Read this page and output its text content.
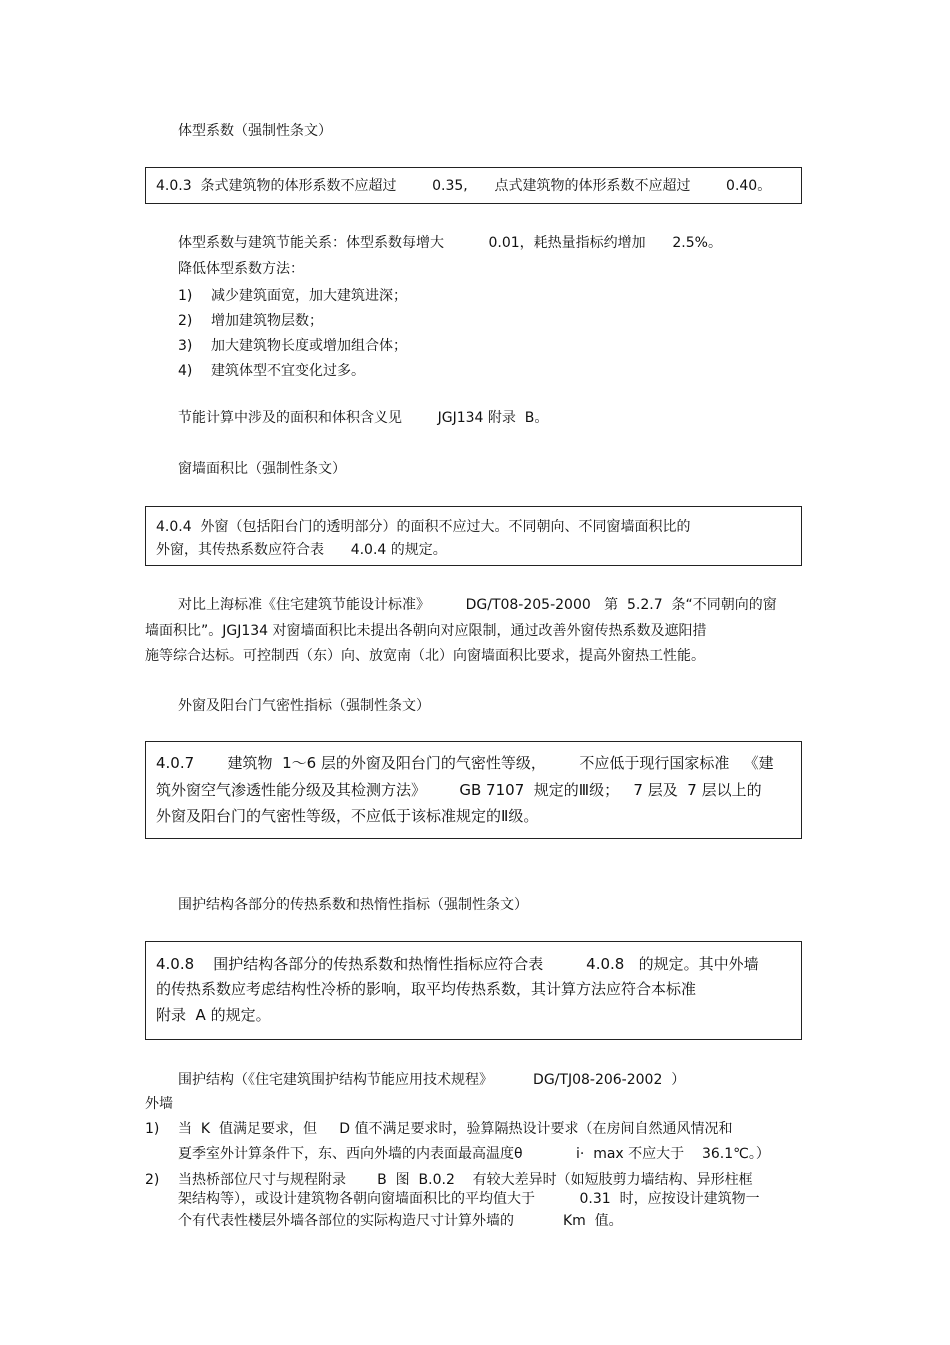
体型系数（强制性条文）
4.0.3  条式建筑物的体形系数不应超过        0.35,      点式建筑物的体形系数不应超过        0.40。
体型系数与建筑节能关系：体型系数每增大          0.01，耗热量指标约增加      2.5%。
降低体型系数方法：
1) 减少建筑面宽，加大建筑进深；
2) 增加建筑物层数；
3) 加大建筑物长度或增加组合体；
4) 建筑体型不宜变化过多。
节能计算中涉及的面积和体积含义见        JGJ134 附录  B。
窗墙面积比（强制性条文）
4.0.4  外窗（包括阳台门的透明部分）的面积不应过大。不同朝向、不同窗墙面积比的
外窗，其传热系数应符合表      4.0.4 的规定。
对比上海标准《住宅建筑节能设计标准》        DG/T08-205-2000   第  5.2.7  条“不同朝向的窗
墙面积比”。JGJ134 对窗墙面积比未提出各朝向对应限制，通过改善外窗传热系数及遮阳措
施等综合达标。可控制西（东）向、放宽南（北）向窗墙面积比要求，提高外窗热工性能。
外窗及阳台门气密性指标（强制性条文）
4.0.7       建筑物  1～6 层的外窗及阳台门的气密性等级，       不应低于现行国家标准   《建
筑外窗空气渗透性能分级及其检测方法》       GB 7107  规定的Ⅲ级；   7 层及  7 层以上的
外窗及阳台门的气密性等级，不应低于该标准规定的Ⅱ级。
围护结构各部分的传热系数和热惰性指标（强制性条文）
4.0.8    围护结构各部分的传热系数和热惰性指标应符合表         4.0.8   的规定。其中外墙
的传热系数应考虑结构性冷桥的影响，取平均传热系数，其计算方法应符合本标准
附录  A 的规定。
围护结构（《住宅建筑围护结构节能应用技术规程》         DG/TJ08-206-2002  ）
外墙
1) 当  K  值满足要求，但     D 值不满足要求时，验算隔热设计要求（在房间自然通风情况和
夏季室外计算条件下，东、西向外墙的内表面最高温度θ            i·  max 不应大于    36.1℃。）
2) 当热桥部位尺寸与规程附录       B  图  B.0.2    有较大差异时（如短肢剪力墙结构、异形柱框
架结构等），或设计建筑物各朝向窗墙面积比的平均值大于          0.31  时，应按设计建筑物一
个有代表性楼层外墙各部位的实际构造尺寸计算外墙的           Km  值。
